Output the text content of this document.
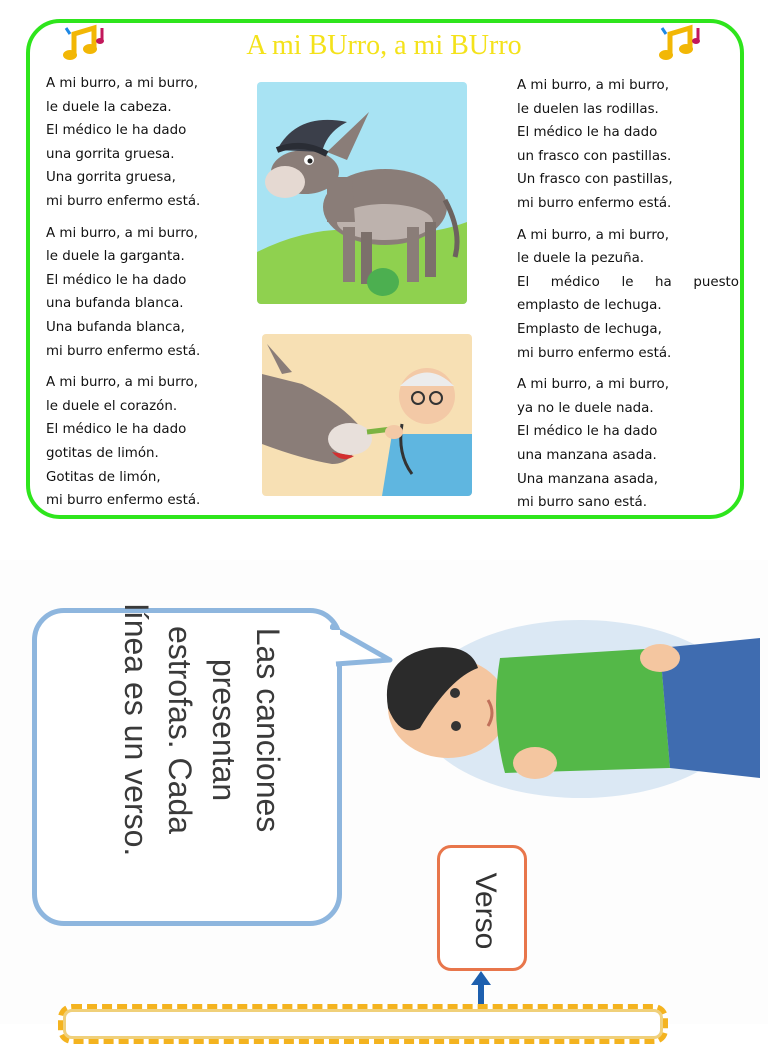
A mi BUrro, a mi BUrro
A mi burro, a mi burro,
le duele la cabeza.
El médico le ha dado
una gorrita gruesa.
Una gorrita gruesa,
mi burro enfermo está.
A mi burro, a mi burro,
le duele la garganta.
El médico le ha dado
una bufanda blanca.
Una bufanda blanca,
mi burro enfermo está.
A mi burro, a mi burro,
le duele el corazón.
El médico le ha dado
gotitas de limón.
Gotitas de limón,
mi burro enfermo está.
A mi burro, a mi burro,
le duelen las rodillas.
El médico le ha dado
un frasco con pastillas.
Un frasco con pastillas,
mi burro enfermo está.
A mi burro, a mi burro,
le duele la pezuña.
El médico le ha puesto
emplasto de lechuga.
Emplasto de lechuga,
mi burro enfermo está.
A mi burro, a mi burro,
ya no le duele nada.
El médico le ha dado
una manzana asada.
Una manzana asada,
mi burro sano está.
Las canciones
presentan
estrofas. Cada
línea es un verso.
Verso
